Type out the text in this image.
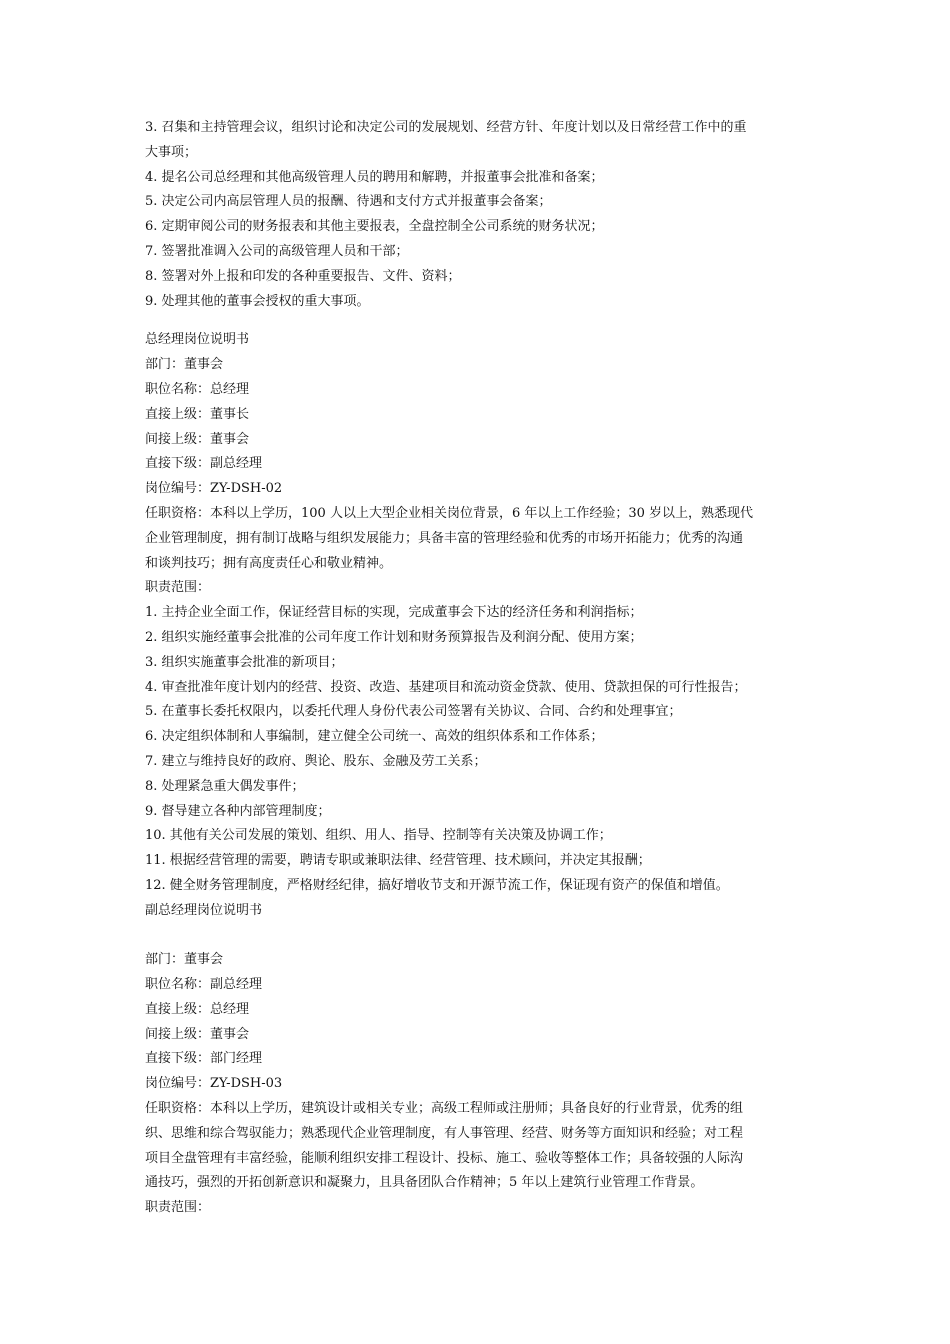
3. 召集和主持管理会议，组织讨论和决定公司的发展规划、经营方针、年度计划以及日常经营工作中的重
大事项；
4. 提名公司总经理和其他高级管理人员的聘用和解聘，并报董事会批准和备案；
5. 决定公司内高层管理人员的报酬、待遇和支付方式并报董事会备案；
6. 定期审阅公司的财务报表和其他主要报表，全盘控制全公司系统的财务状况；
7. 签署批准调入公司的高级管理人员和干部；
8. 签署对外上报和印发的各种重要报告、文件、资料；
9. 处理其他的董事会授权的重大事项。
总经理岗位说明书
部门：董事会
职位名称：总经理
直接上级：董事长
间接上级：董事会
直接下级：副总经理
岗位编号：ZY-DSH-02
任职资格：本科以上学历，100 人以上大型企业相关岗位背景，6 年以上工作经验；30 岁以上，熟悉现代
企业管理制度，拥有制订战略与组织发展能力；具备丰富的管理经验和优秀的市场开拓能力；优秀的沟通
和谈判技巧；拥有高度责任心和敬业精神。
职责范围：
1. 主持企业全面工作，保证经营目标的实现，完成董事会下达的经济任务和利润指标；
2. 组织实施经董事会批准的公司年度工作计划和财务预算报告及利润分配、使用方案；
3. 组织实施董事会批准的新项目；
4. 审查批准年度计划内的经营、投资、改造、基建项目和流动资金贷款、使用、贷款担保的可行性报告；
5. 在董事长委托权限内，以委托代理人身份代表公司签署有关协议、合同、合约和处理事宜；
6. 决定组织体制和人事编制，建立健全公司统一、高效的组织体系和工作体系；
7. 建立与维持良好的政府、舆论、股东、金融及劳工关系；
8. 处理紧急重大偶发事件；
9. 督导建立各种内部管理制度；
10. 其他有关公司发展的策划、组织、用人、指导、控制等有关决策及协调工作；
11. 根据经营管理的需要，聘请专职或兼职法律、经营管理、技术顾问，并决定其报酬；
12. 健全财务管理制度，严格财经纪律，搞好增收节支和开源节流工作，保证现有资产的保值和增值。
副总经理岗位说明书
部门：董事会
职位名称：副总经理
直接上级：总经理
间接上级：董事会
直接下级：部门经理
岗位编号：ZY-DSH-03
任职资格：本科以上学历，建筑设计或相关专业；高级工程师或注册师；具备良好的行业背景，优秀的组
织、思维和综合驾驭能力；熟悉现代企业管理制度，有人事管理、经营、财务等方面知识和经验；对工程
项目全盘管理有丰富经验，能顺利组织安排工程设计、投标、施工、验收等整体工作；具备较强的人际沟
通技巧，强烈的开拓创新意识和凝聚力，且具备团队合作精神；5 年以上建筑行业管理工作背景。
职责范围：
